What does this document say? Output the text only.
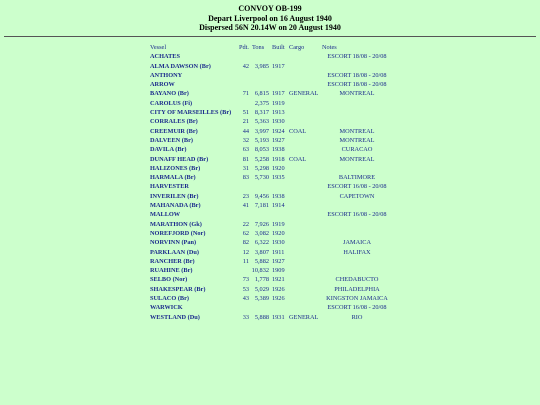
CONVOY OB-199
Depart Liverpool on 16 August 1940
Dispersed 56N 20.14W on 20 August 1940
Vessel	Pdt. Tons Built Cargo	Notes
ACHATES	ESCORT 18/08 - 20/08
ALMA DAWSON (Br)	42 3,985 1917
ANTHONY	ESCORT 18/08 - 20/08
ARROW	ESCORT 18/08 - 20/08
BAYANO (Br)	71 6,815 1917 GENERAL	MONTREAL
CAROLUS (Fi)	2,375 1919
CITY OF MARSEILLES (Br)	51 8,317 1913
CORRALES (Br)	21 5,363 1930
CREEMUIR (Br)	44 3,997 1924 COAL	MONTREAL
DALVEEN (Br)	32 5,193 1927	MONTREAL
DAVILA (Br)	63 8,053 1938	CURACAO
DUNAFF HEAD (Br)	81 5,258 1918 COAL	MONTREAL
HALIZONES (Br)	31 5,298 1920
HARMALA (Br)	83 5,730 1935	BALTIMORE
HARVESTER	ESCORT 16/08 - 20/08
INVERILEN (Br)	23 9,456 1938	CAPETOWN
MAHANADA (Br)	41 7,181 1914
MALLOW	ESCORT 16/08 - 20/08
MARATHON (Gk)	22 7,926 1919
NOREFJORD (Nor)	62 3,082 1920
NORVINN (Pan)	82 6,322 1930	JAMAICA
PARKLAAN (Du)	12 3,807 1911	HALIFAX
RANCHER (Br)	11 5,882 1927
RUAHINE (Br)	10,832 1909
SELBO (Nor)	73 1,778 1921	CHEDABUCTO
SHAKESPEAR (Br)	53 5,029 1926	PHILADELPHIA
SULACO (Br)	43 5,389 1926	KINGSTON JAMAICA
WARWICK	ESCORT 16/08 - 20/08
WESTLAND (Du)	33 5,888 1931 GENERAL	RIO
